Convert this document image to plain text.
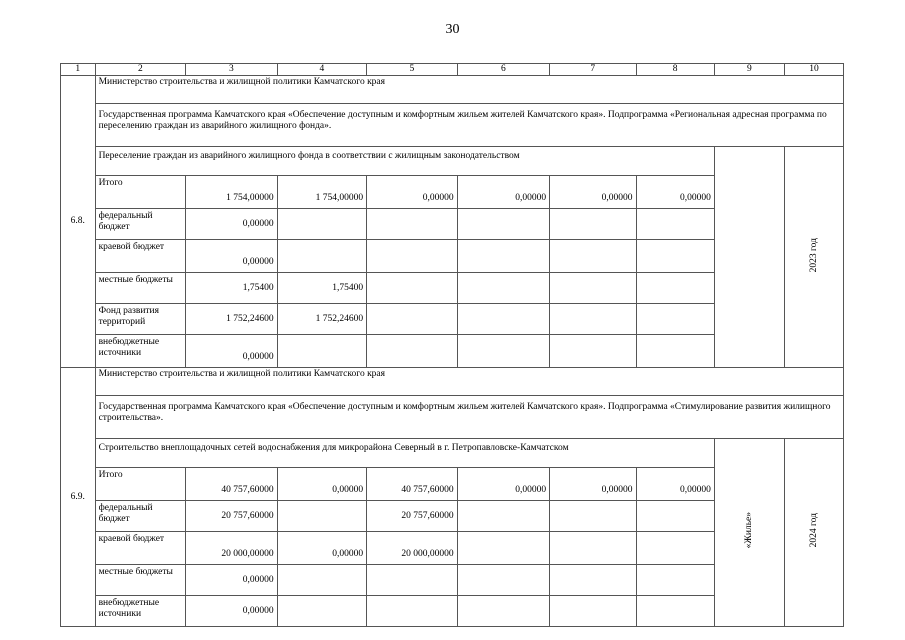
30
1	2	3	4	5	6	7	8	9	10
6.8.	Министерство строительства и жилищной политики Камчатского края								
	Государственная программа Камчатского края «Обеспечение доступным и комфортным жильем жителей Камчатского края». Подпрограмма «Региональная адресная программа по переселению граждан из аварийного жилищного фонда».								
	Переселение граждан из аварийного жилищного фонда в соответствии с жилищным законодательством								2023 год
	Итого	1 754,00000	1 754,00000	0,00000	0,00000	0,00000	0,00000		
	федеральный бюджет	0,00000							
	краевой бюджет	0,00000							
	местные бюджеты	1,75400	1,75400						
	Фонд развития территорий	1 752,24600	1 752,24600						
	внебюджетные источники	0,00000							
6.9.	Министерство строительства и жилищной политики Камчатского края								
	Государственная программа Камчатского края «Обеспечение доступным и комфортным жильем жителей Камчатского края». Подпрограмма «Стимулирование развития жилищного строительства».								
	Строительство внеплощадочных сетей водоснабжения для микрорайона Северный в г. Петропавловске-Камчатском							«Жилье»	2024 год
	Итого	40 757,60000	0,00000	40 757,60000	0,00000	0,00000	0,00000		
	федеральный бюджет	20 757,60000		20 757,60000					
	краевой бюджет	20 000,00000	0,00000	20 000,00000					
	местные бюджеты	0,00000							
	внебюджетные источники	0,00000							
